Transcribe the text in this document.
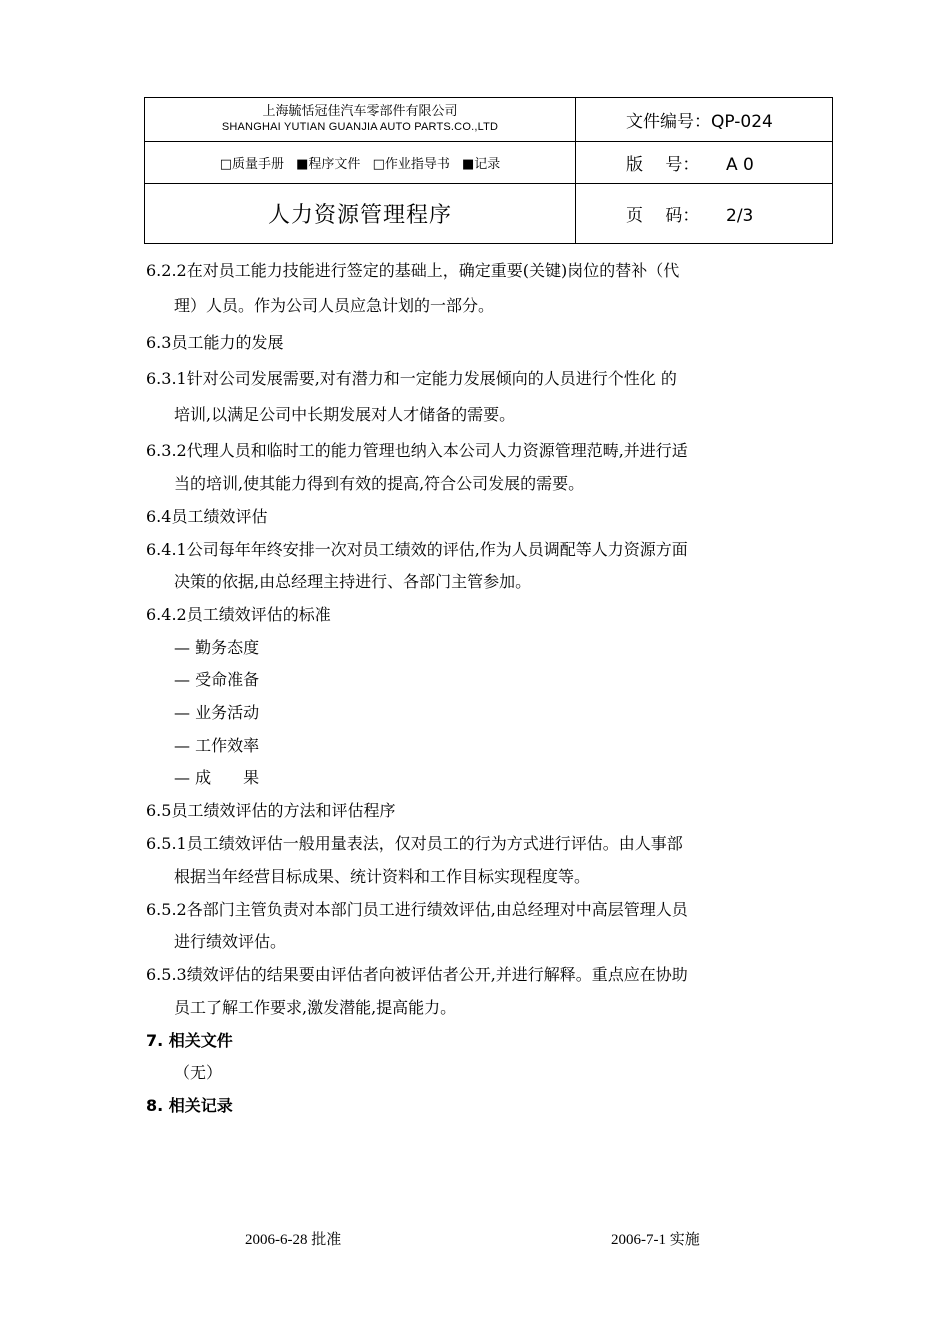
上海毓恬冠佳汽车零部件有限公司
SHANGHAI YUTIAN GUANJIA AUTO PARTS.CO.,LTD	文件编号：QP-024
□质量手册 ■程序文件 □作业指导书 ■记录	版　 号： A 0
人力资源管理程序	页　 码： 2/3
6.2.2在对员工能力技能进行签定的基础上，确定重要(关键)岗位的替补（代
理）人员。作为公司人员应急计划的一部分。
6.3员工能力的发展
6.3.1针对公司发展需要,对有潜力和一定能力发展倾向的人员进行个性化 的
培训,以满足公司中长期发展对人才储备的需要。
6.3.2代理人员和临时工的能力管理也纳入本公司人力资源管理范畴,并进行适
当的培训,使其能力得到有效的提高,符合公司发展的需要。
6.4员工绩效评估
6.4.1公司每年年终安排一次对员工绩效的评估,作为人员调配等人力资源方面
决策的依据,由总经理主持进行、各部门主管参加。
6.4.2员工绩效评估的标准
— 勤务态度
— 受命准备
— 业务活动
— 工作效率
— 成　　果
6.5员工绩效评估的方法和评估程序
6.5.1员工绩效评估一般用量表法，仅对员工的行为方式进行评估。由人事部
根据当年经营目标成果、统计资料和工作目标实现程度等。
6.5.2各部门主管负责对本部门员工进行绩效评估,由总经理对中高层管理人员
进行绩效评估。
6.5.3绩效评估的结果要由评估者向被评估者公开,并进行解释。重点应在协助
员工了解工作要求,激发潜能,提高能力。
7. 相关文件
（无）
8. 相关记录
2006-6-28 批准	2006-7-1 实施
